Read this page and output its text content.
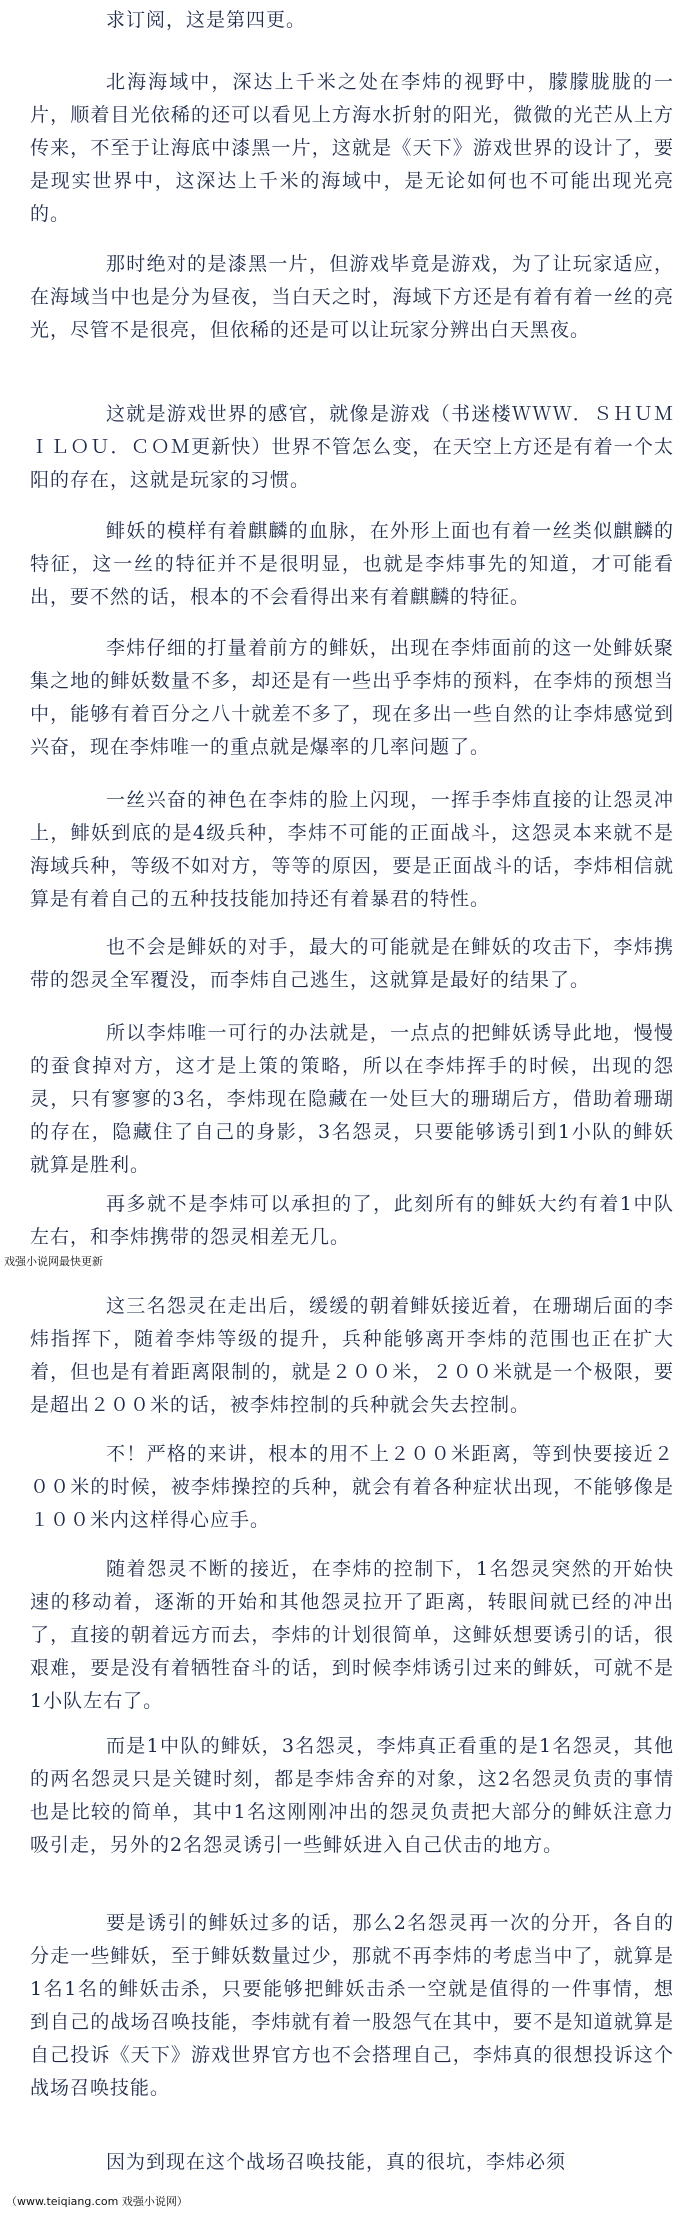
求订阅，这是第四更。

北海海域中，深达上千米之处在李炜的视野中，朦朦胧胧的一片，顺着目光依稀的还可以看见上方海水折射的阳光，微微的光芒从上方传来，不至于让海底中漆黑一片，这就是《天下》游戏世界的设计了，要是现实世界中，这深达上千米的海域中，是无论如何也不可能出现光亮的。

那时绝对的是漆黑一片，但游戏毕竟是游戏，为了让玩家适应，在海域当中也是分为昼夜，当白天之时，海域下方还是有着有着一丝的亮光，尽管不是很亮，但依稀的还是可以让玩家分辨出白天黑夜。

这就是游戏世界的感官，就像是游戏（书迷楼ＷＷＷ．ＳＨＵＭＩＬＯＵ．ＣＯＭ更新快）世界不管怎么变，在天空上方还是有着一个太阳的存在，这就是玩家的习惯。

鲱妖的模样有着麒麟的血脉，在外形上面也有着一丝类似麒麟的特征，这一丝的特征并不是很明显，也就是李炜事先的知道，才可能看出，要不然的话，根本的不会看得出来有着麒麟的特征。

李炜仔细的打量着前方的鲱妖，出现在李炜面前的这一处鲱妖聚集之地的鲱妖数量不多，却还是有一些出乎李炜的预料，在李炜的预想当中，能够有着百分之八十就差不多了，现在多出一些自然的让李炜感觉到兴奋，现在李炜唯一的重点就是爆率的几率问题了。

一丝兴奋的神色在李炜的脸上闪现，一挥手李炜直接的让怨灵冲上，鲱妖到底的是4级兵种，李炜不可能的正面战斗，这怨灵本来就不是海域兵种，等级不如对方，等等的原因，要是正面战斗的话，李炜相信就算是有着自己的五种技技能加持还有着暴君的特性。

也不会是鲱妖的对手，最大的可能就是在鲱妖的攻击下，李炜携带的怨灵全军覆没，而李炜自己逃生，这就算是最好的结果了。

所以李炜唯一可行的办法就是，一点点的把鲱妖诱导此地，慢慢的蚕食掉对方，这才是上策的策略，所以在李炜挥手的时候，出现的怨灵，只有寥寥的3名，李炜现在隐藏在一处巨大的珊瑚后方，借助着珊瑚的存在，隐藏住了自己的身影，3名怨灵，只要能够诱引到1小队的鲱妖就算是胜利。

再多就不是李炜可以承担的了，此刻所有的鲱妖大约有着1中队左右，和李炜携带的怨灵相差无几。

戏强小说网最快更新

这三名怨灵在走出后，缓缓的朝着鲱妖接近着，在珊瑚后面的李炜指挥下，随着李炜等级的提升，兵种能够离开李炜的范围也正在扩大着，但也是有着距离限制的，就是２００米，２００米就是一个极限，要是超出２００米的话，被李炜控制的兵种就会失去控制。

不！严格的来讲，根本的用不上２００米距离，等到快要接近２００米的时候，被李炜操控的兵种，就会有着各种症状出现，不能够像是１００米内这样得心应手。

随着怨灵不断的接近，在李炜的控制下，1名怨灵突然的开始快速的移动着，逐渐的开始和其他怨灵拉开了距离，转眼间就已经的冲出了，直接的朝着远方而去，李炜的计划很简单，这鲱妖想要诱引的话，很艰难，要是没有着牺牲奋斗的话，到时候李炜诱引过来的鲱妖，可就不是1小队左右了。

而是1中队的鲱妖，3名怨灵，李炜真正看重的是1名怨灵，其他的两名怨灵只是关键时刻，都是李炜舍弃的对象，这2名怨灵负责的事情也是比较的简单，其中1名这刚刚冲出的怨灵负责把大部分的鲱妖注意力吸引走，另外的2名怨灵诱引一些鲱妖进入自己伏击的地方。

要是诱引的鲱妖过多的话，那么2名怨灵再一次的分开，各自的分走一些鲱妖，至于鲱妖数量过少，那就不再李炜的考虑当中了，就算是1名1名的鲱妖击杀，只要能够把鲱妖击杀一空就是值得的一件事情，想到自己的战场召唤技能，李炜就有着一股怨气在其中，要不是知道就算是自己投诉《天下》游戏世界官方也不会搭理自己，李炜真的很想投诉这个战场召唤技能。

因为到现在这个战场召唤技能，真的很坑，李炜必须

（www.teiqiang.com 戏强小说网）
